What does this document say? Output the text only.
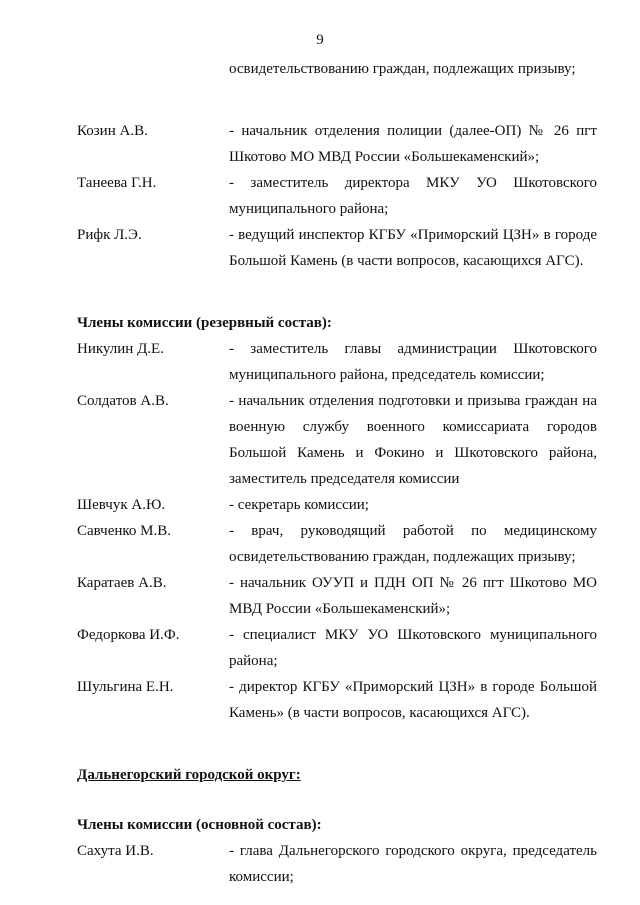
9
освидетельствованию граждан, подлежащих призыву;
Козин А.В.	- начальник отделения полиции (далее-ОП) № 26 пгт Шкотово МО МВД России «Большекаменский»;
Танеева Г.Н.	- заместитель директора МКУ УО Шкотовского муниципального района;
Рифк Л.Э.	- ведущий инспектор КГБУ «Приморский ЦЗН» в городе Большой Камень (в части вопросов, касающихся АГС).
Члены комиссии (резервный состав):
Никулин Д.Е.	- заместитель главы администрации Шкотовского муниципального района, председатель комиссии;
Солдатов А.В.	- начальник отделения подготовки и призыва граждан на военную службу военного комиссариата городов Большой Камень и Фокино и Шкотовского района, заместитель председателя комиссии
Шевчук А.Ю.	- секретарь комиссии;
Савченко М.В.	- врач, руководящий работой по медицинскому освидетельствованию граждан, подлежащих призыву;
Каратаев А.В.	- начальник ОУУП и ПДН ОП № 26 пгт Шкотово МО МВД России «Большекаменский»;
Федоркова И.Ф.	- специалист МКУ УО Шкотовского муниципального района;
Шульгина Е.Н.	- директор КГБУ «Приморский ЦЗН» в городе Большой Камень» (в части вопросов, касающихся АГС).
Дальнегорский городской округ:
Члены комиссии (основной состав):
Сахута И.В.	- глава Дальнегорского городского округа, председатель комиссии;
